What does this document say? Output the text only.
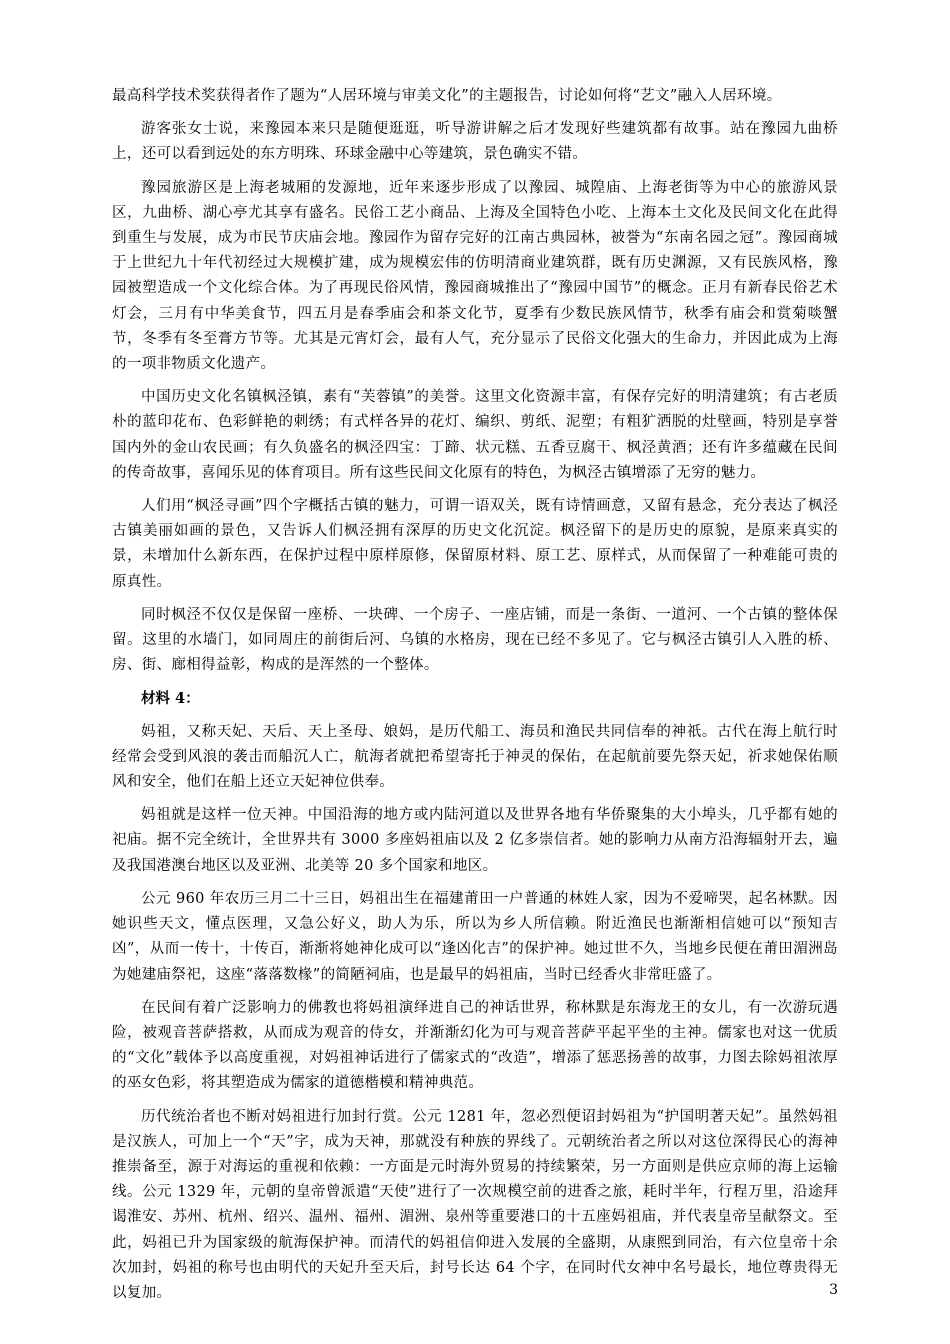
最高科学技术奖获得者作了题为“人居环境与审美文化”的主题报告，讨论如何将“艺文”融入人居环境。

游客张女士说，来豫园本来只是随便逛逛，听导游讲解之后才发现好些建筑都有故事。站在豫园九曲桥上，还可以看到远处的东方明珠、环球金融中心等建筑，景色确实不错。

豫园旅游区是上海老城厢的发源地，近年来逐步形成了以豫园、城隍庙、上海老街等为中心的旅游风景区，九曲桥、湖心亭尤其享有盛名。民俗工艺小商品、上海及全国特色小吃、上海本土文化及民间文化在此得到重生与发展，成为市民节庆庙会地。豫园作为留存完好的江南古典园林，被誉为“东南名园之冠”。豫园商城于上世纪九十年代初经过大规模扩建，成为规模宏伟的仿明清商业建筑群，既有历史渊源，又有民族风格，豫园被塑造成一个文化综合体。为了再现民俗风情，豫园商城推出了“豫园中国节”的概念。正月有新春民俗艺术灯会，三月有中华美食节，四五月是春季庙会和茶文化节，夏季有少数民族风情节，秋季有庙会和赏菊啖蟹节，冬季有冬至膏方节等。尤其是元宵灯会，最有人气，充分显示了民俗文化强大的生命力，并因此成为上海的一项非物质文化遗产。

中国历史文化名镇枫泾镇，素有“芙蓉镇”的美誉。这里文化资源丰富，有保存完好的明清建筑；有古老质朴的蓝印花布、色彩鲜艳的刺绣；有式样各异的花灯、编织、剪纸、泥塑；有粗犷洒脱的灶壁画，特别是享誉国内外的金山农民画；有久负盛名的枫泾四宝：丁蹄、状元糕、五香豆腐干、枫泾黄酒；还有许多蕴藏在民间的传奇故事，喜闻乐见的体育项目。所有这些民间文化原有的特色，为枫泾古镇增添了无穷的魅力。

人们用“枫泾寻画”四个字概括古镇的魅力，可谓一语双关，既有诗情画意，又留有悬念，充分表达了枫泾古镇美丽如画的景色，又告诉人们枫泾拥有深厚的历史文化沉淀。枫泾留下的是历史的原貌，是原来真实的景，未增加什么新东西，在保护过程中原样原修，保留原材料、原工艺、原样式，从而保留了一种难能可贵的原真性。

同时枫泾不仅仅是保留一座桥、一块碑、一个房子、一座店铺，而是一条街、一道河、一个古镇的整体保留。这里的水墙门，如同周庄的前街后河、乌镇的水格房，现在已经不多见了。它与枫泾古镇引人入胜的桥、房、街、廊相得益彰，构成的是浑然的一个整体。

材料 4：

妈祖，又称天妃、天后、天上圣母、娘妈，是历代船工、海员和渔民共同信奉的神祇。古代在海上航行时经常会受到风浪的袭击而船沉人亡，航海者就把希望寄托于神灵的保佑，在起航前要先祭天妃，祈求她保佑顺风和安全，他们在船上还立天妃神位供奉。

妈祖就是这样一位天神。中国沿海的地方或内陆河道以及世界各地有华侨聚集的大小埠头，几乎都有她的祀庙。据不完全统计，全世界共有 3000 多座妈祖庙以及 2 亿多崇信者。她的影响力从南方沿海辐射开去，遍及我国港澳台地区以及亚洲、北美等 20 多个国家和地区。

公元 960 年农历三月二十三日，妈祖出生在福建莆田一户普通的林姓人家，因为不爱啼哭，起名林默。因她识些天文，懂点医理，又急公好义，助人为乐，所以为乡人所信赖。附近渔民也渐渐相信她可以“预知吉凶”，从而一传十，十传百，渐渐将她神化成可以“逢凶化吉”的保护神。她过世不久，当地乡民便在莆田湄洲岛为她建庙祭祀，这座“落落数椽”的简陋祠庙，也是最早的妈祖庙，当时已经香火非常旺盛了。

在民间有着广泛影响力的佛教也将妈祖演绎进自己的神话世界，称林默是东海龙王的女儿，有一次游玩遇险，被观音菩萨搭救，从而成为观音的侍女，并渐渐幻化为可与观音菩萨平起平坐的主神。儒家也对这一优质的“文化”载体予以高度重视，对妈祖神话进行了儒家式的“改造”，增添了惩恶扬善的故事，力图去除妈祖浓厚的巫女色彩，将其塑造成为儒家的道德楷模和精神典范。

历代统治者也不断对妈祖进行加封行赏。公元 1281 年，忽必烈便诏封妈祖为“护国明著天妃”。虽然妈祖是汉族人，可加上一个“天”字，成为天神，那就没有种族的界线了。元朝统治者之所以对这位深得民心的海神推崇备至，源于对海运的重视和依赖：一方面是元时海外贸易的持续繁荣，另一方面则是供应京师的海上运输线。公元 1329 年，元朝的皇帝曾派遣“天使”进行了一次规模空前的进香之旅，耗时半年，行程万里，沿途拜谒淮安、苏州、杭州、绍兴、温州、福州、湄洲、泉州等重要港口的十五座妈祖庙，并代表皇帝呈献祭文。至此，妈祖已升为国家级的航海保护神。而清代的妈祖信仰进入发展的全盛期，从康熙到同治，有六位皇帝十余次加封，妈祖的称号也由明代的天妃升至天后，封号长达 64 个字，在同时代女神中名号最长，地位尊贵得无以复加。	3
